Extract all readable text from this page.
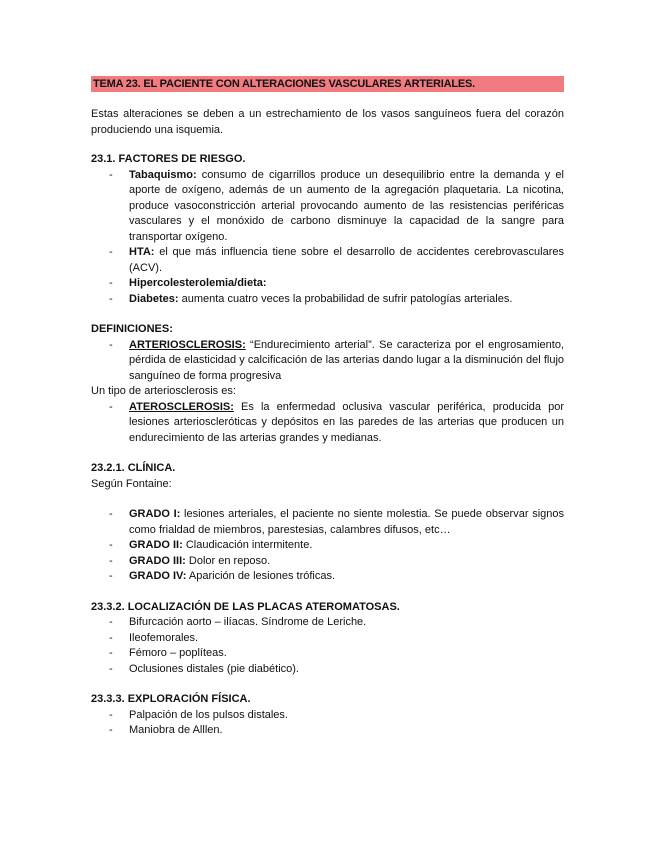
TEMA 23. EL PACIENTE CON ALTERACIONES VASCULARES ARTERIALES.

Estas alteraciones se deben a un estrechamiento de los vasos sanguíneos fuera del corazón produciendo una isquemia.

23.1. FACTORES DE RIESGO.
- Tabaquismo: consumo de cigarrillos produce un desequilibrio entre la demanda y el aporte de oxígeno, además de un aumento de la agregación plaquetaria. La nicotina, produce vasoconstricción arterial provocando aumento de las resistencias periféricas vasculares y el monóxido de carbono disminuye la capacidad de la sangre para transportar oxígeno.
- HTA: el que más influencia tiene sobre el desarrollo de accidentes cerebrovasculares (ACV).
- Hipercolesterolemia/dieta:
- Diabetes: aumenta cuatro veces la probabilidad de sufrir patologías arteriales.
DEFINICIONES:
- ARTERIOSCLEROSIS: “Endurecimiento arterial”. Se caracteriza por el engrosamiento, pérdida de elasticidad y calcificación de las arterias dando lugar a la disminución del flujo sanguíneo de forma progresiva

Un tipo de arteriosclerosis es:

- ATEROSCLEROSIS: Es la enfermedad oclusiva vascular periférica, producida por lesiones arterioscleróticas y depósitos en las paredes de las arterias que producen un endurecimiento de las arterias grandes y medianas.
23.2.1. CLÍNICA.

Según Fontaine:

- GRADO I: lesiones arteriales, el paciente no siente molestia. Se puede observar signos como frialdad de miembros, parestesias, calambres difusos, etc…
- GRADO II: Claudicación intermitente.
- GRADO III: Dolor en reposo.
- GRADO IV: Aparición de lesiones tróficas.
23.3.2. LOCALIZACIÓN DE LAS PLACAS ATEROMATOSAS.
- Bifurcación aorto – ilíacas. Síndrome de Leriche.
- Ileofemorales.
- Fémoro – poplíteas.
- Oclusiones distales (pie diabético).
23.3.3. EXPLORACIÓN FÍSICA.
- Palpación de los pulsos distales.
- Maniobra de Alllen.
